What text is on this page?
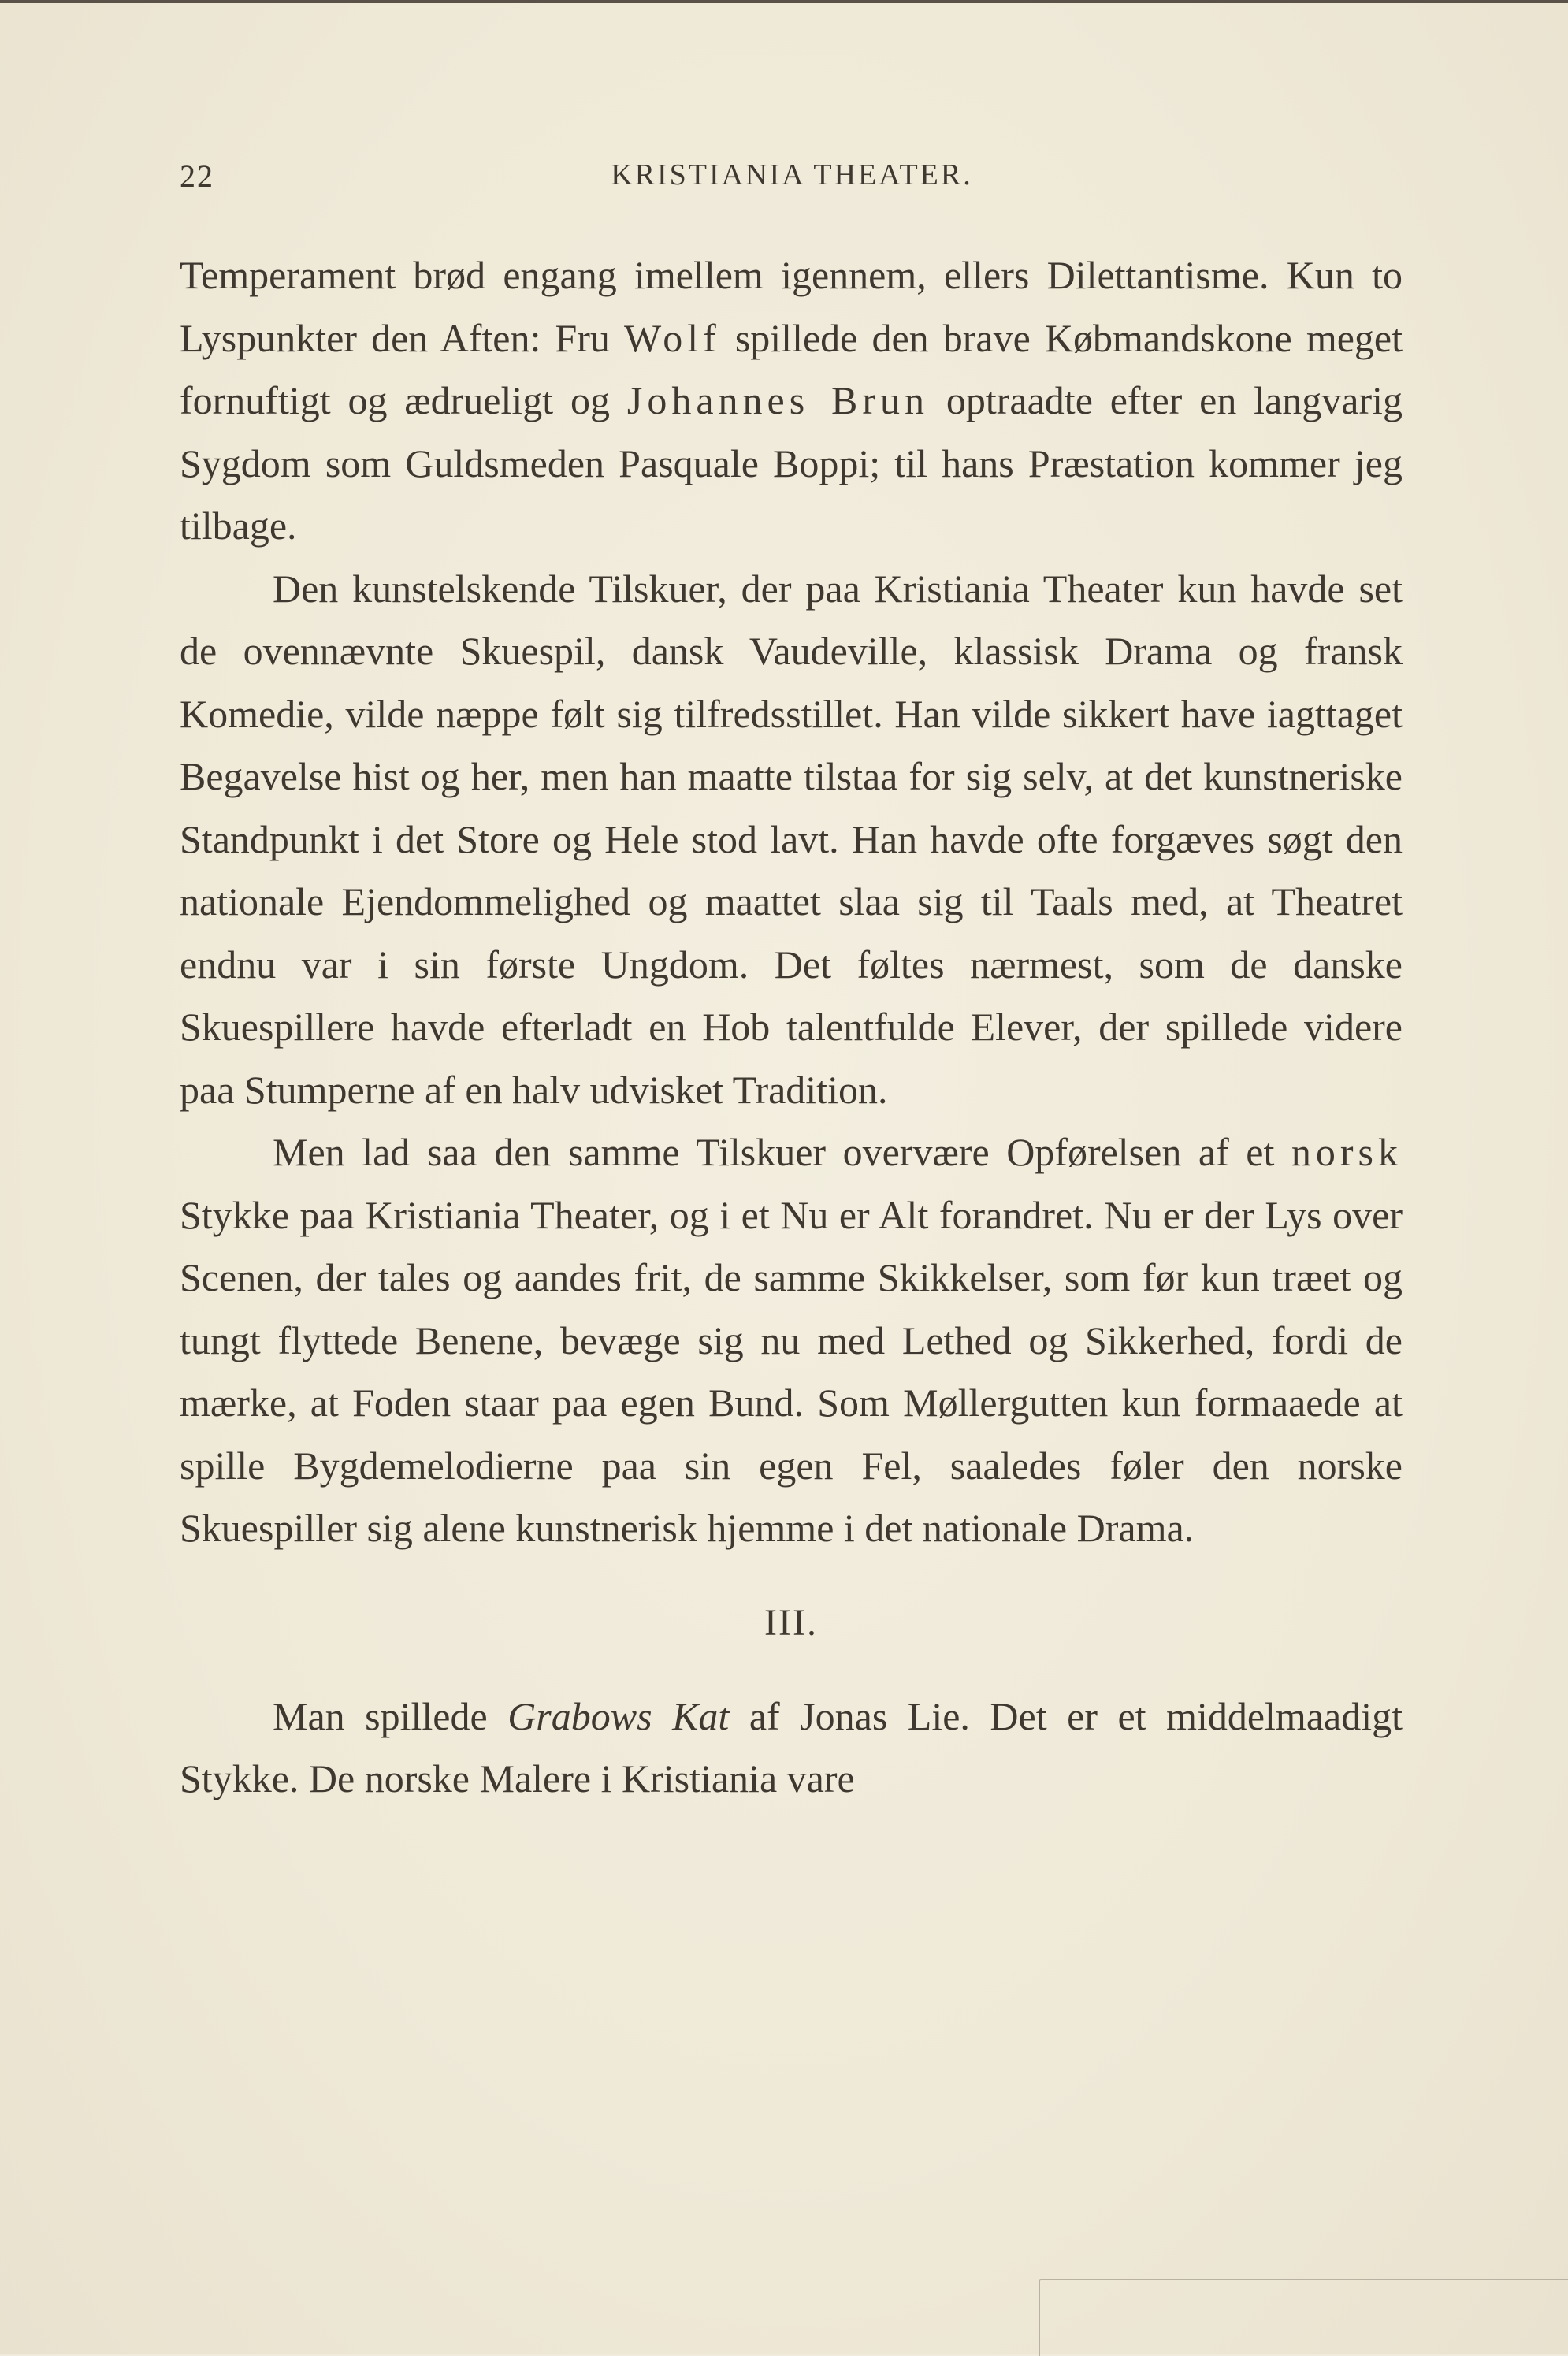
22	KRISTIANIA THEATER.

Temperament brød engang imellem igennem, ellers Dilettantisme. Kun to Lyspunkter den Aften: Fru Wolf spillede den brave Købmandskone meget fornuftigt og ædrueligt og Johannes Brun optraadte efter en langvarig Sygdom som Guldsmeden Pasquale Boppi; til hans Præstation kommer jeg tilbage.

Den kunstelskende Tilskuer, der paa Kristiania Theater kun havde set de ovennævnte Skuespil, dansk Vaudeville, klassisk Drama og fransk Komedie, vilde næppe følt sig tilfredsstillet. Han vilde sikkert have iagttaget Begavelse hist og her, men han maatte tilstaa for sig selv, at det kunstneriske Standpunkt i det Store og Hele stod lavt. Han havde ofte forgæves søgt den nationale Ejendommelighed og maattet slaa sig til Taals med, at Theatret endnu var i sin første Ungdom. Det føltes nærmest, som de danske Skuespillere havde efterladt en Hob talentfulde Elever, der spillede videre paa Stumperne af en halv udvisket Tradition.

Men lad saa den samme Tilskuer overvære Opførelsen af et norsk Stykke paa Kristiania Theater, og i et Nu er Alt forandret. Nu er der Lys over Scenen, der tales og aandes frit, de samme Skikkelser, som før kun træet og tungt flyttede Benene, bevæge sig nu med Lethed og Sikkerhed, fordi de mærke, at Foden staar paa egen Bund. Som Møllergutten kun formaaede at spille Bygdemelodierne paa sin egen Fel, saaledes føler den norske Skuespiller sig alene kunstnerisk hjemme i det nationale Drama.

III.

Man spillede Grabows Kat af Jonas Lie. Det er et middelmaadigt Stykke. De norske Malere i Kristiania vare
